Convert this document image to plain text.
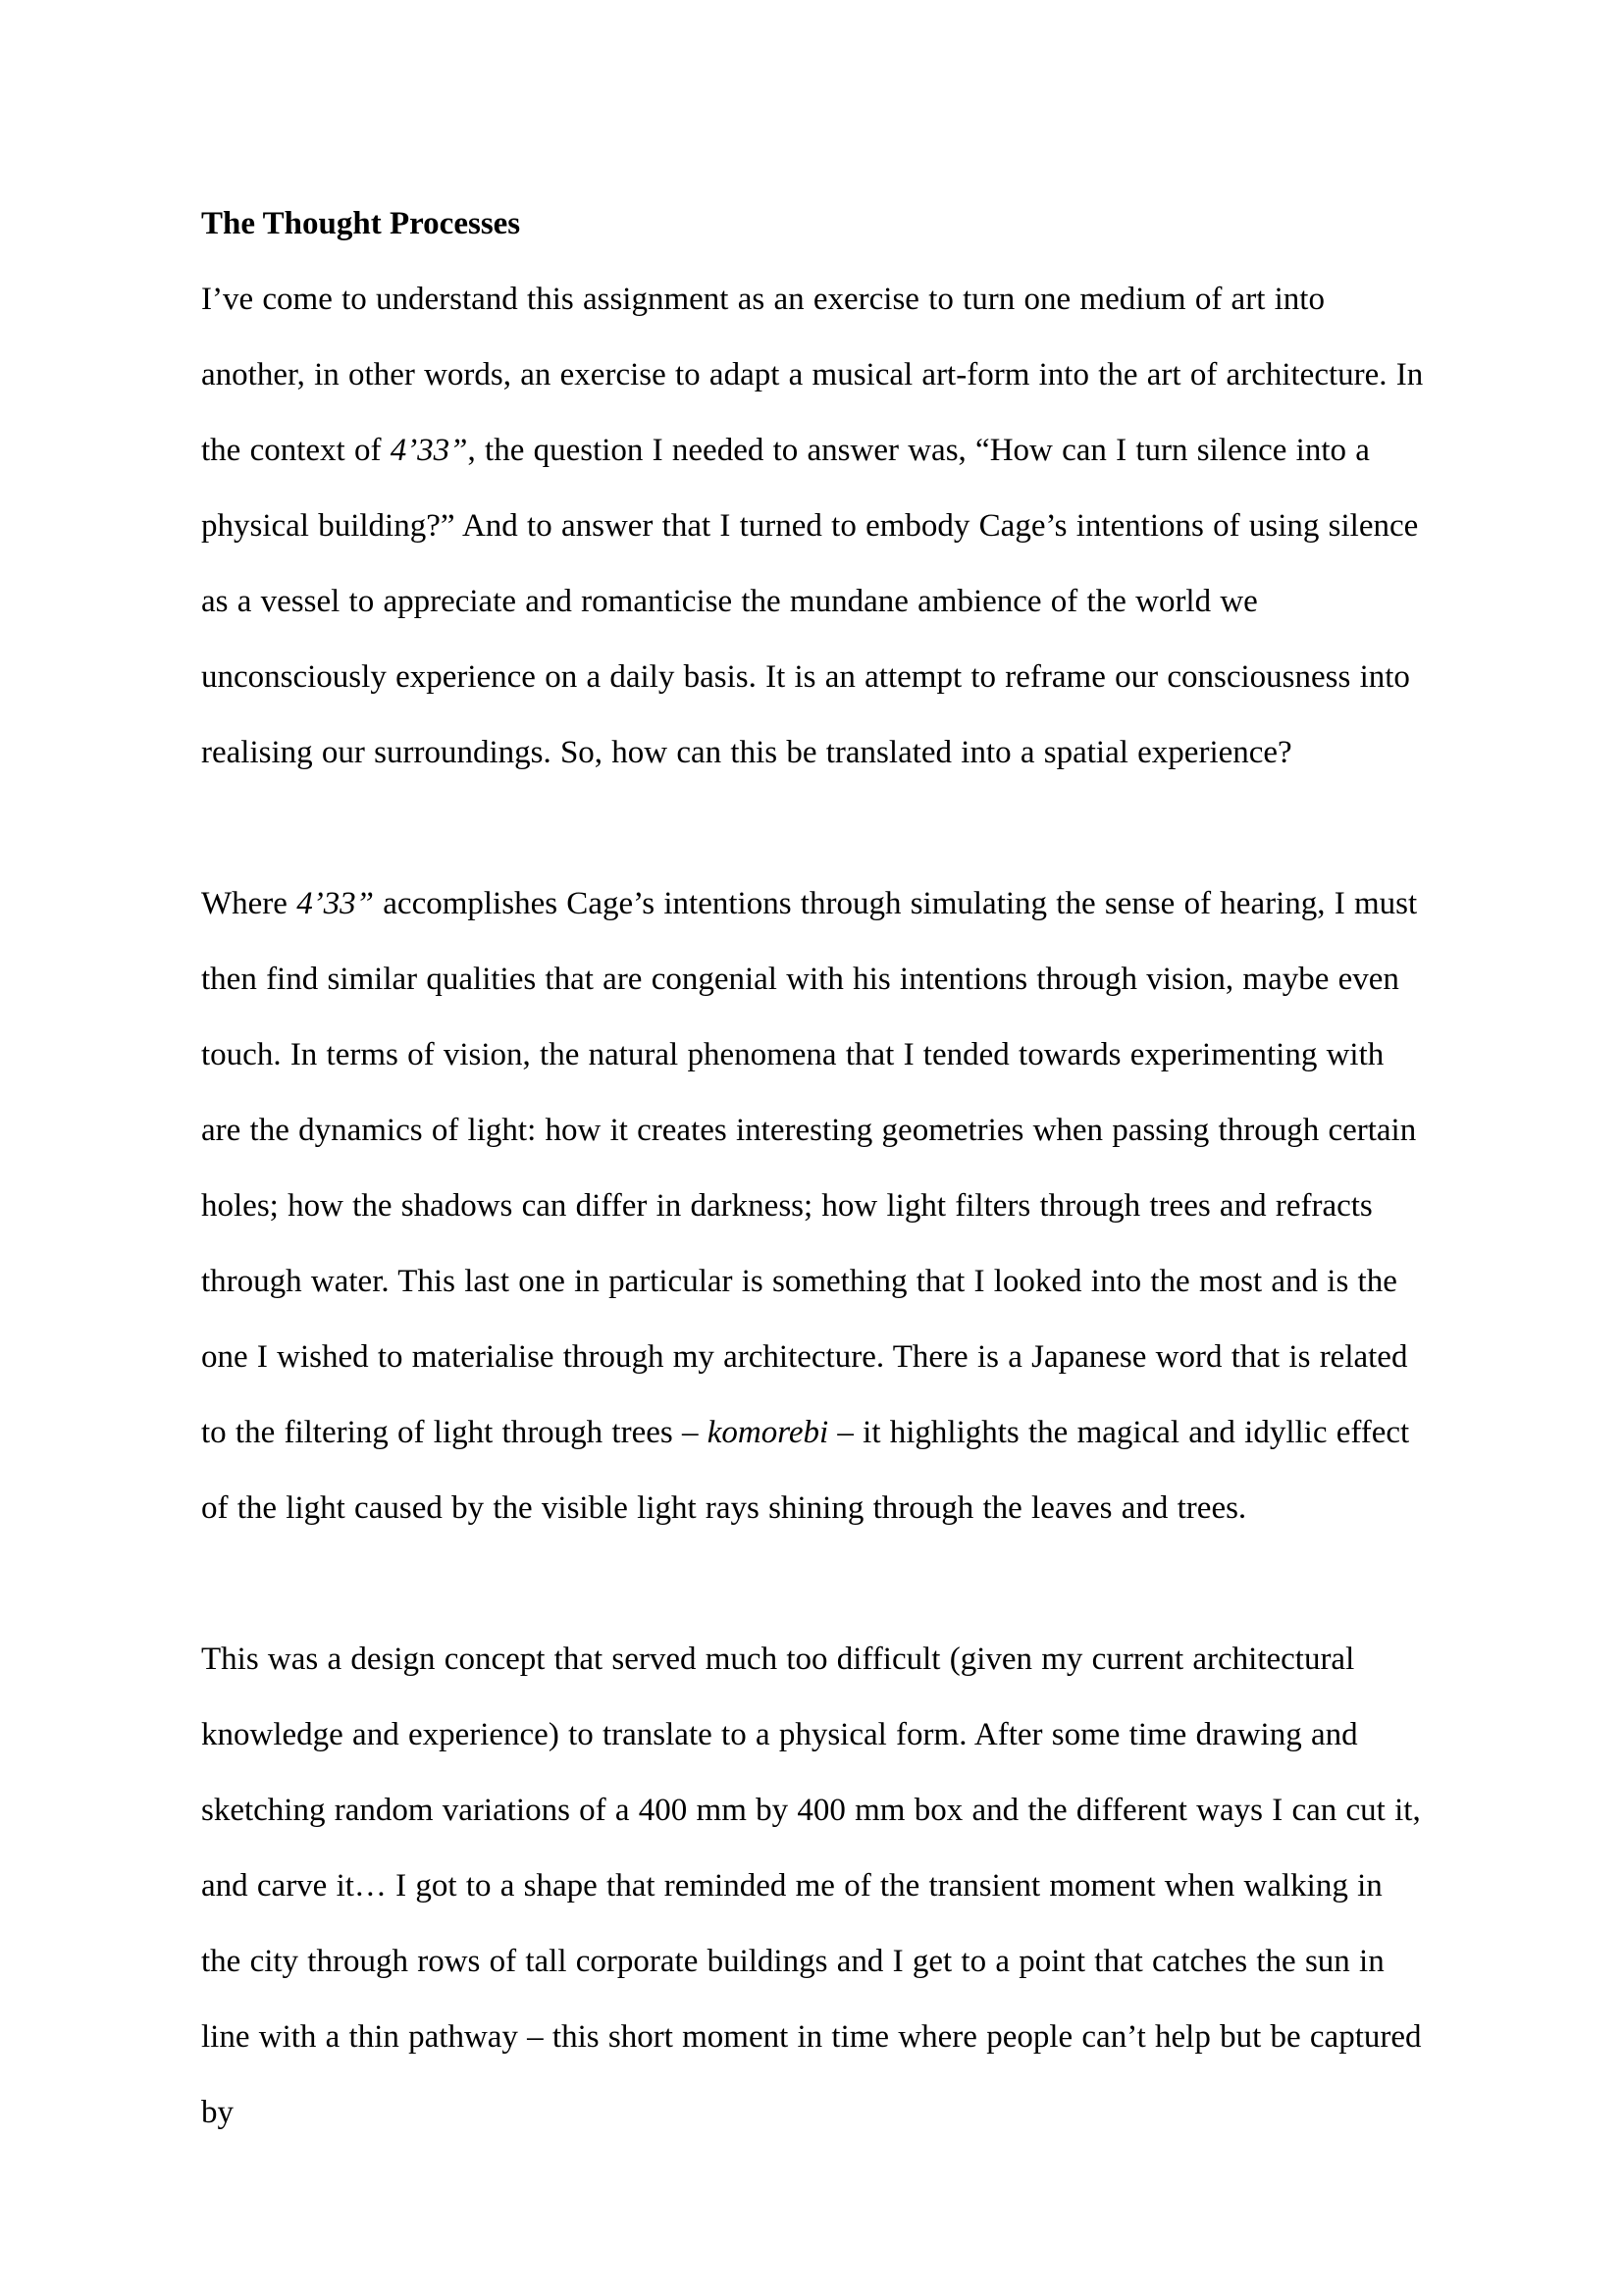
The Thought Processes

I’ve come to understand this assignment as an exercise to turn one medium of art into another, in other words, an exercise to adapt a musical art-form into the art of architecture. In the context of 4’33”, the question I needed to answer was, “How can I turn silence into a physical building?” And to answer that I turned to embody Cage’s intentions of using silence as a vessel to appreciate and romanticise the mundane ambience of the world we unconsciously experience on a daily basis. It is an attempt to reframe our consciousness into realising our surroundings. So, how can this be translated into a spatial experience?

Where 4’33” accomplishes Cage’s intentions through simulating the sense of hearing, I must then find similar qualities that are congenial with his intentions through vision, maybe even touch. In terms of vision, the natural phenomena that I tended towards experimenting with are the dynamics of light: how it creates interesting geometries when passing through certain holes; how the shadows can differ in darkness; how light filters through trees and refracts through water. This last one in particular is something that I looked into the most and is the one I wished to materialise through my architecture. There is a Japanese word that is related to the filtering of light through trees – komorebi – it highlights the magical and idyllic effect of the light caused by the visible light rays shining through the leaves and trees.

This was a design concept that served much too difficult (given my current architectural knowledge and experience) to translate to a physical form. After some time drawing and sketching random variations of a 400 mm by 400 mm box and the different ways I can cut it, and carve it… I got to a shape that reminded me of the transient moment when walking in the city through rows of tall corporate buildings and I get to a point that catches the sun in line with a thin pathway – this short moment in time where people can’t help but be captured by
